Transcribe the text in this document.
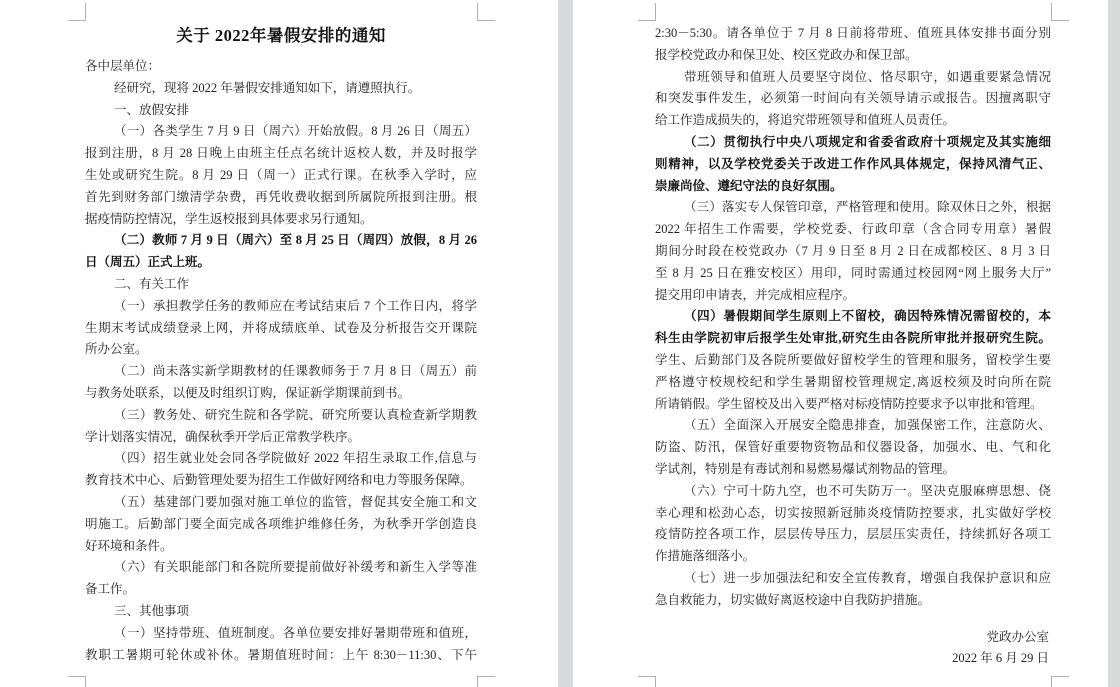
关于 2022年暑假安排的通知
各中层单位：
经研究，现将 2022 年暑假安排通知如下，请遵照执行。
一、放假安排
（一）各类学生 7 月 9 日（周六）开始放假。8 月 26 日（周五）
报到注册，8 月 28 日晚上由班主任点名统计返校人数，并及时报学
生处或研究生院。8 月 29 日（周一）正式行课。在秋季入学时，应
首先到财务部门缴清学杂费，再凭收费收据到所属院所报到注册。根
据疫情防控情况，学生返校报到具体要求另行通知。
（二）教师 7 月 9 日（周六）至 8 月 25 日（周四）放假，8 月 26
日（周五）正式上班。
二、有关工作
（一）承担教学任务的教师应在考试结束后 7 个工作日内，将学
生期末考试成绩登录上网，并将成绩底单、试卷及分析报告交开课院
所办公室。
（二）尚未落实新学期教材的任课教师务于 7 月 8 日（周五）前
与教务处联系，以便及时组织订购，保证新学期课前到书。
（三）教务处、研究生院和各学院、研究所要认真检查新学期教
学计划落实情况，确保秋季开学后正常教学秩序。
（四）招生就业处会同各学院做好 2022 年招生录取工作,信息与
教育技术中心、后勤管理处要为招生工作做好网络和电力等服务保障。
（五）基建部门要加强对施工单位的监管，督促其安全施工和文
明施工。后勤部门要全面完成各项维护维修任务，为秋季开学创造良
好环境和条件。
（六）有关职能部门和各院所要提前做好补缓考和新生入学等准
备工作。
三、其他事项
（一）坚持带班、值班制度。各单位要安排好暑期带班和值班，
教职工暑期可轮休或补休。暑期值班时间：上午 8:30－11:30、下午
2:30－5:30。请各单位于 7 月 8 日前将带班、值班具体安排书面分别
报学校党政办和保卫处、校区党政办和保卫部。
带班领导和值班人员要坚守岗位、恪尽职守，如遇重要紧急情况
和突发事件发生，必须第一时间向有关领导请示或报告。因擅离职守
给工作造成损失的，将追究带班领导和值班人员责任。
（二）贯彻执行中央八项规定和省委省政府十项规定及其实施细
则精神，以及学校党委关于改进工作作风具体规定，保持风清气正、
崇廉尚俭、遵纪守法的良好氛围。
（三）落实专人保管印章，严格管理和使用。除双休日之外，根据
2022 年招生工作需要，学校党委、行政印章（含合同专用章）暑假
期间分时段在校党政办（7 月 9 日至 8 月 2 日在成都校区、8 月 3 日
至 8 月 25 日在雅安校区）用印，同时需通过校园网“网上服务大厅”
提交用印申请表，并完成相应程序。
（四）暑假期间学生原则上不留校，确因特殊情况需留校的，本
科生由学院初审后报学生处审批,研究生由各院所审批并报研究生院。
学生、后勤部门及各院所要做好留校学生的管理和服务，留校学生要
严格遵守校规校纪和学生暑期留校管理规定,离返校须及时向所在院
所请销假。学生留校及出入要严格对标疫情防控要求予以审批和管理。
（五）全面深入开展安全隐患排查，加强保密工作，注意防火、
防盗、防汛，保管好重要物资物品和仪器设备，加强水、电、气和化
学试剂，特别是有毒试剂和易燃易爆试剂物品的管理。
（六）宁可十防九空，也不可失防万一。坚决克服麻痹思想、侥
幸心理和松劲心态，切实按照新冠肺炎疫情防控要求，扎实做好学校
疫情防控各项工作，层层传导压力，层层压实责任，持续抓好各项工
作措施落细落小。
（七）进一步加强法纪和安全宣传教育，增强自我保护意识和应
急自救能力，切实做好离返校途中自我防护措施。
党政办公室
2022 年 6 月 29 日
